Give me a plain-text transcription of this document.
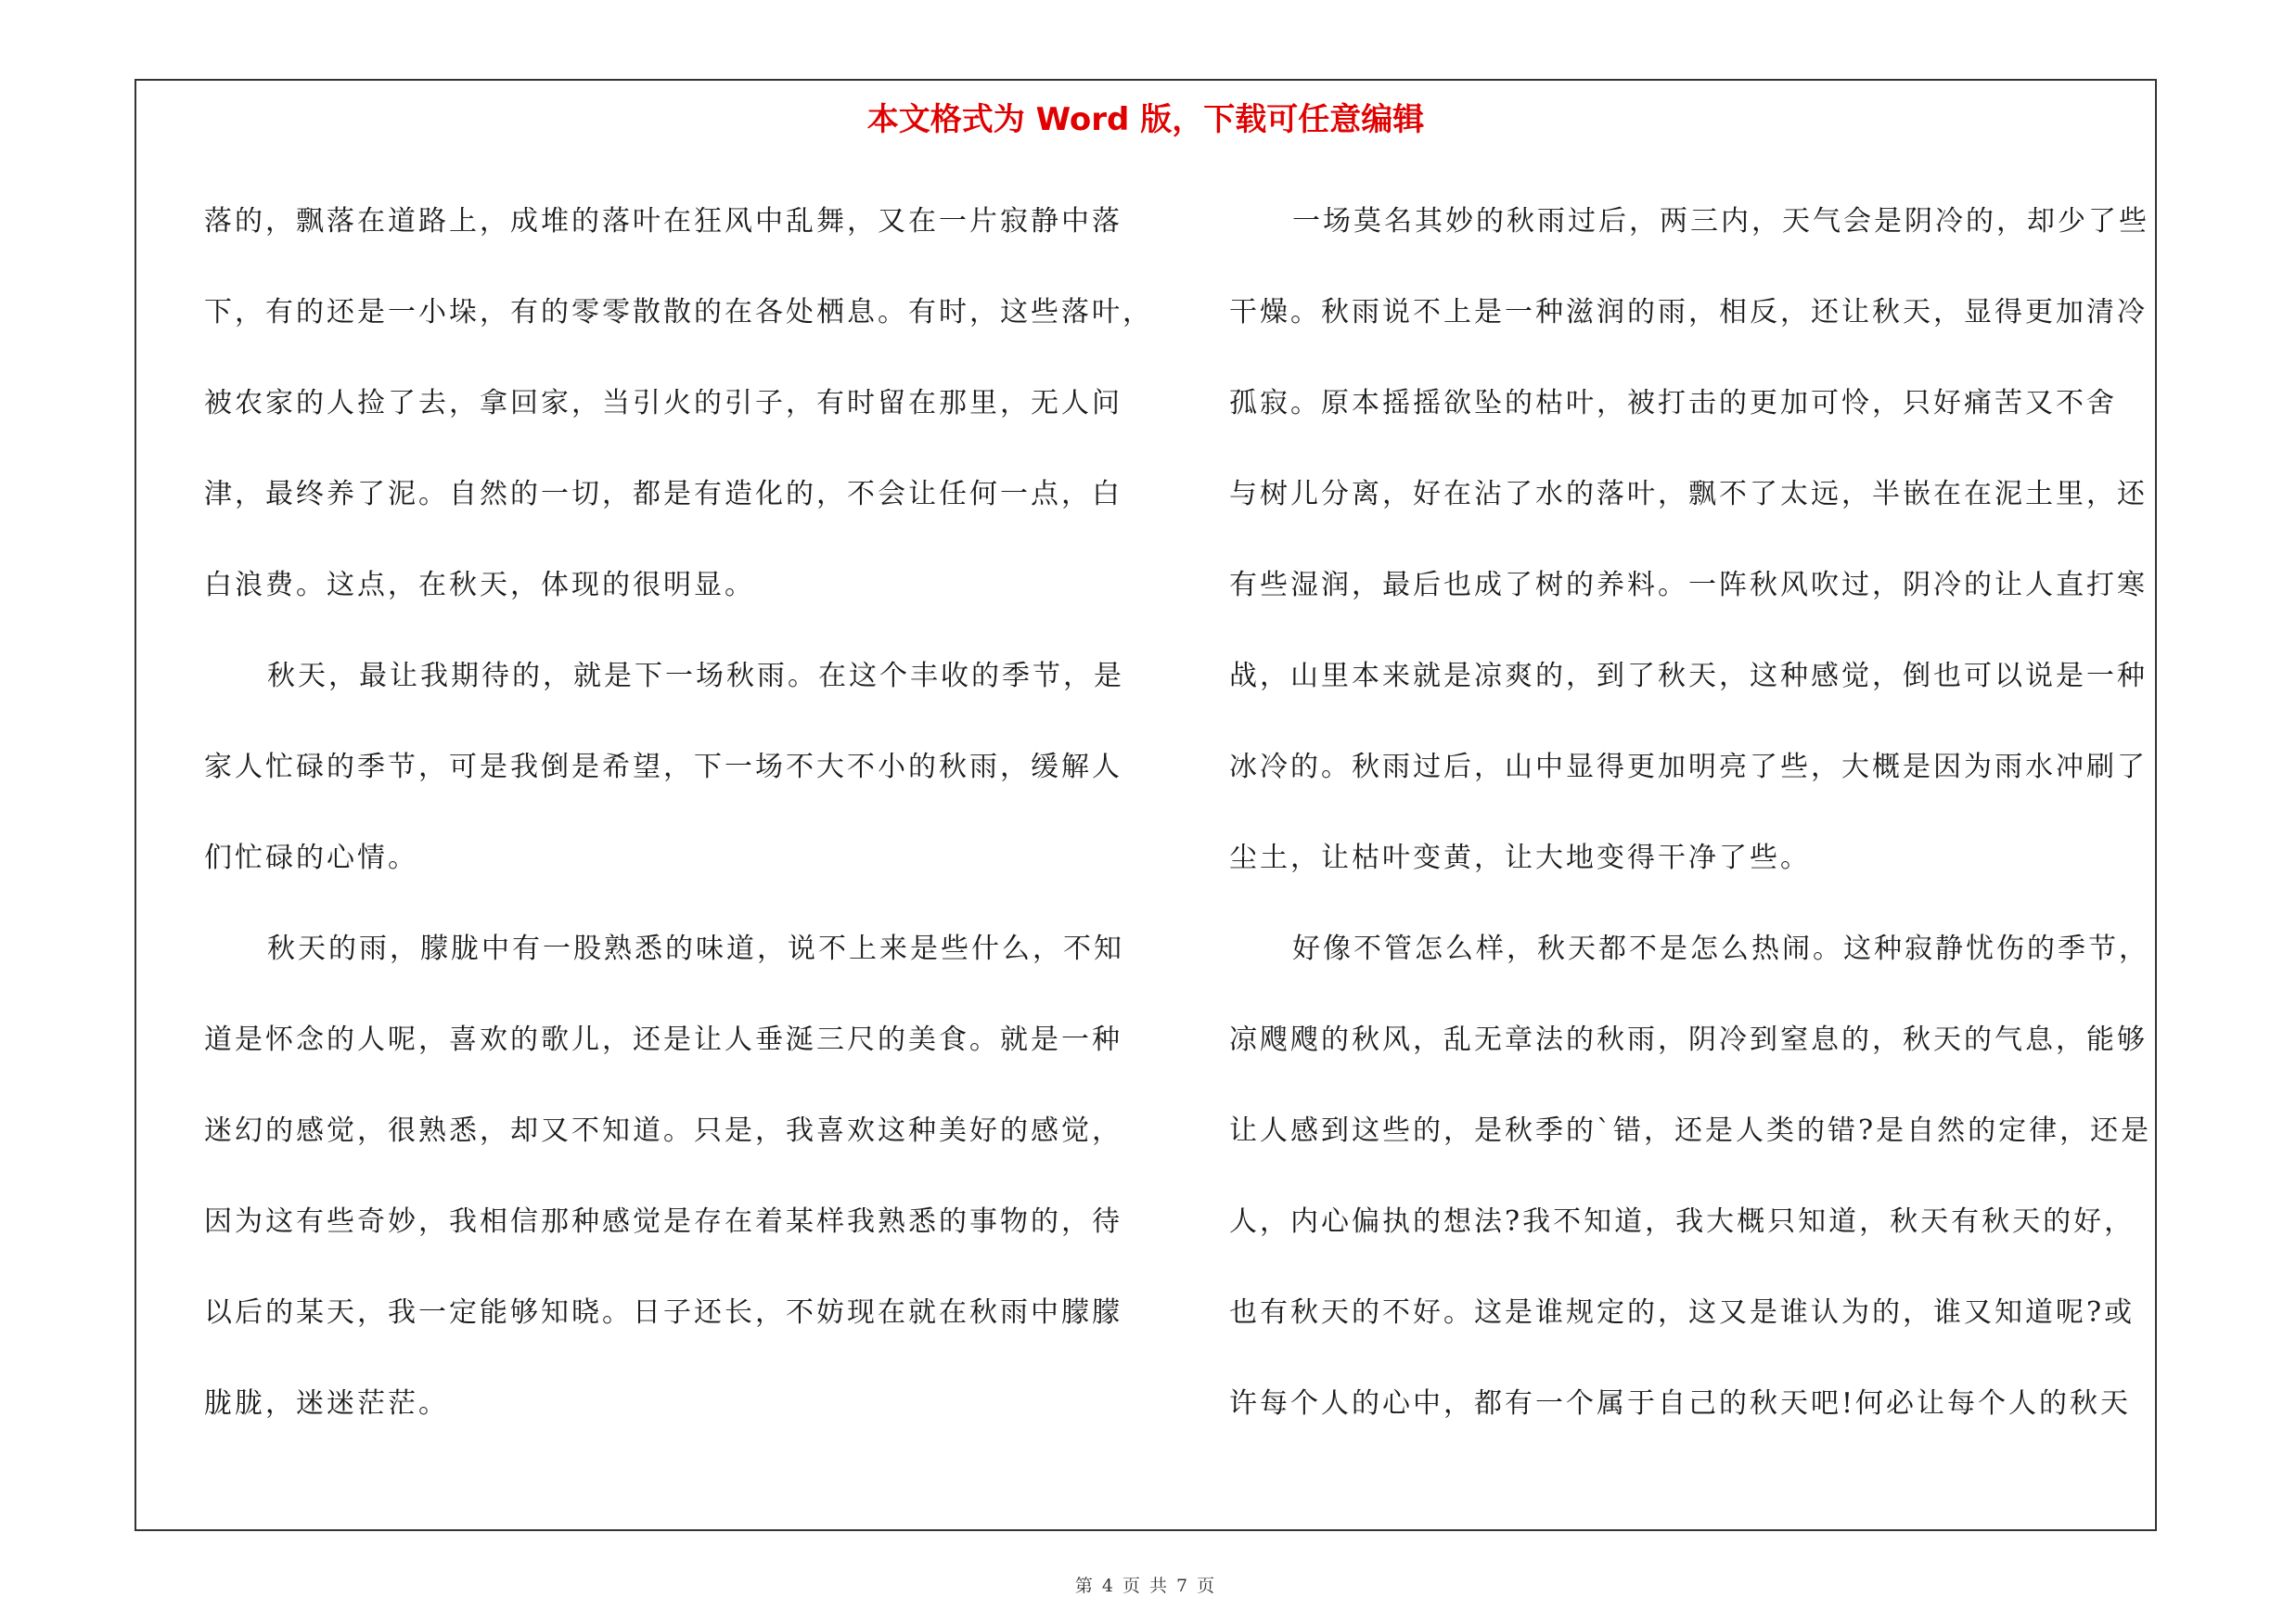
本文格式为 Word 版，下载可任意编辑
第 4 页 共 7 页
落的，飘落在道路上，成堆的落叶在狂风中乱舞，又在一片寂静中落
下，有的还是一小垛，有的零零散散的在各处栖息。有时，这些落叶，
被农家的人捡了去，拿回家，当引火的引子，有时留在那里，无人问
津，最终养了泥。自然的一切，都是有造化的，不会让任何一点，白
白浪费。这点，在秋天，体现的很明显。
秋天，最让我期待的，就是下一场秋雨。在这个丰收的季节，是
家人忙碌的季节，可是我倒是希望，下一场不大不小的秋雨，缓解人
们忙碌的心情。
秋天的雨，朦胧中有一股熟悉的味道，说不上来是些什么，不知
道是怀念的人呢，喜欢的歌儿，还是让人垂涎三尺的美食。就是一种
迷幻的感觉，很熟悉，却又不知道。只是，我喜欢这种美好的感觉，
因为这有些奇妙，我相信那种感觉是存在着某样我熟悉的事物的，待
以后的某天，我一定能够知晓。日子还长，不妨现在就在秋雨中朦朦
胧胧，迷迷茫茫。
一场莫名其妙的秋雨过后，两三内，天气会是阴冷的，却少了些
干燥。秋雨说不上是一种滋润的雨，相反，还让秋天，显得更加清冷
孤寂。原本摇摇欲坠的枯叶，被打击的更加可怜，只好痛苦又不舍
与树儿分离，好在沾了水的落叶，飘不了太远，半嵌在在泥土里，还
有些湿润，最后也成了树的养料。一阵秋风吹过，阴冷的让人直打寒
战，山里本来就是凉爽的，到了秋天，这种感觉，倒也可以说是一种
冰冷的。秋雨过后，山中显得更加明亮了些，大概是因为雨水冲刷了
尘土，让枯叶变黄，让大地变得干净了些。
好像不管怎么样，秋天都不是怎么热闹。这种寂静忧伤的季节，
凉飕飕的秋风，乱无章法的秋雨，阴冷到窒息的，秋天的气息，能够
让人感到这些的，是秋季的`错，还是人类的错?是自然的定律，还是
人，内心偏执的想法?我不知道，我大概只知道，秋天有秋天的好，
也有秋天的不好。这是谁规定的，这又是谁认为的，谁又知道呢?或
许每个人的心中，都有一个属于自己的秋天吧!何必让每个人的秋天
